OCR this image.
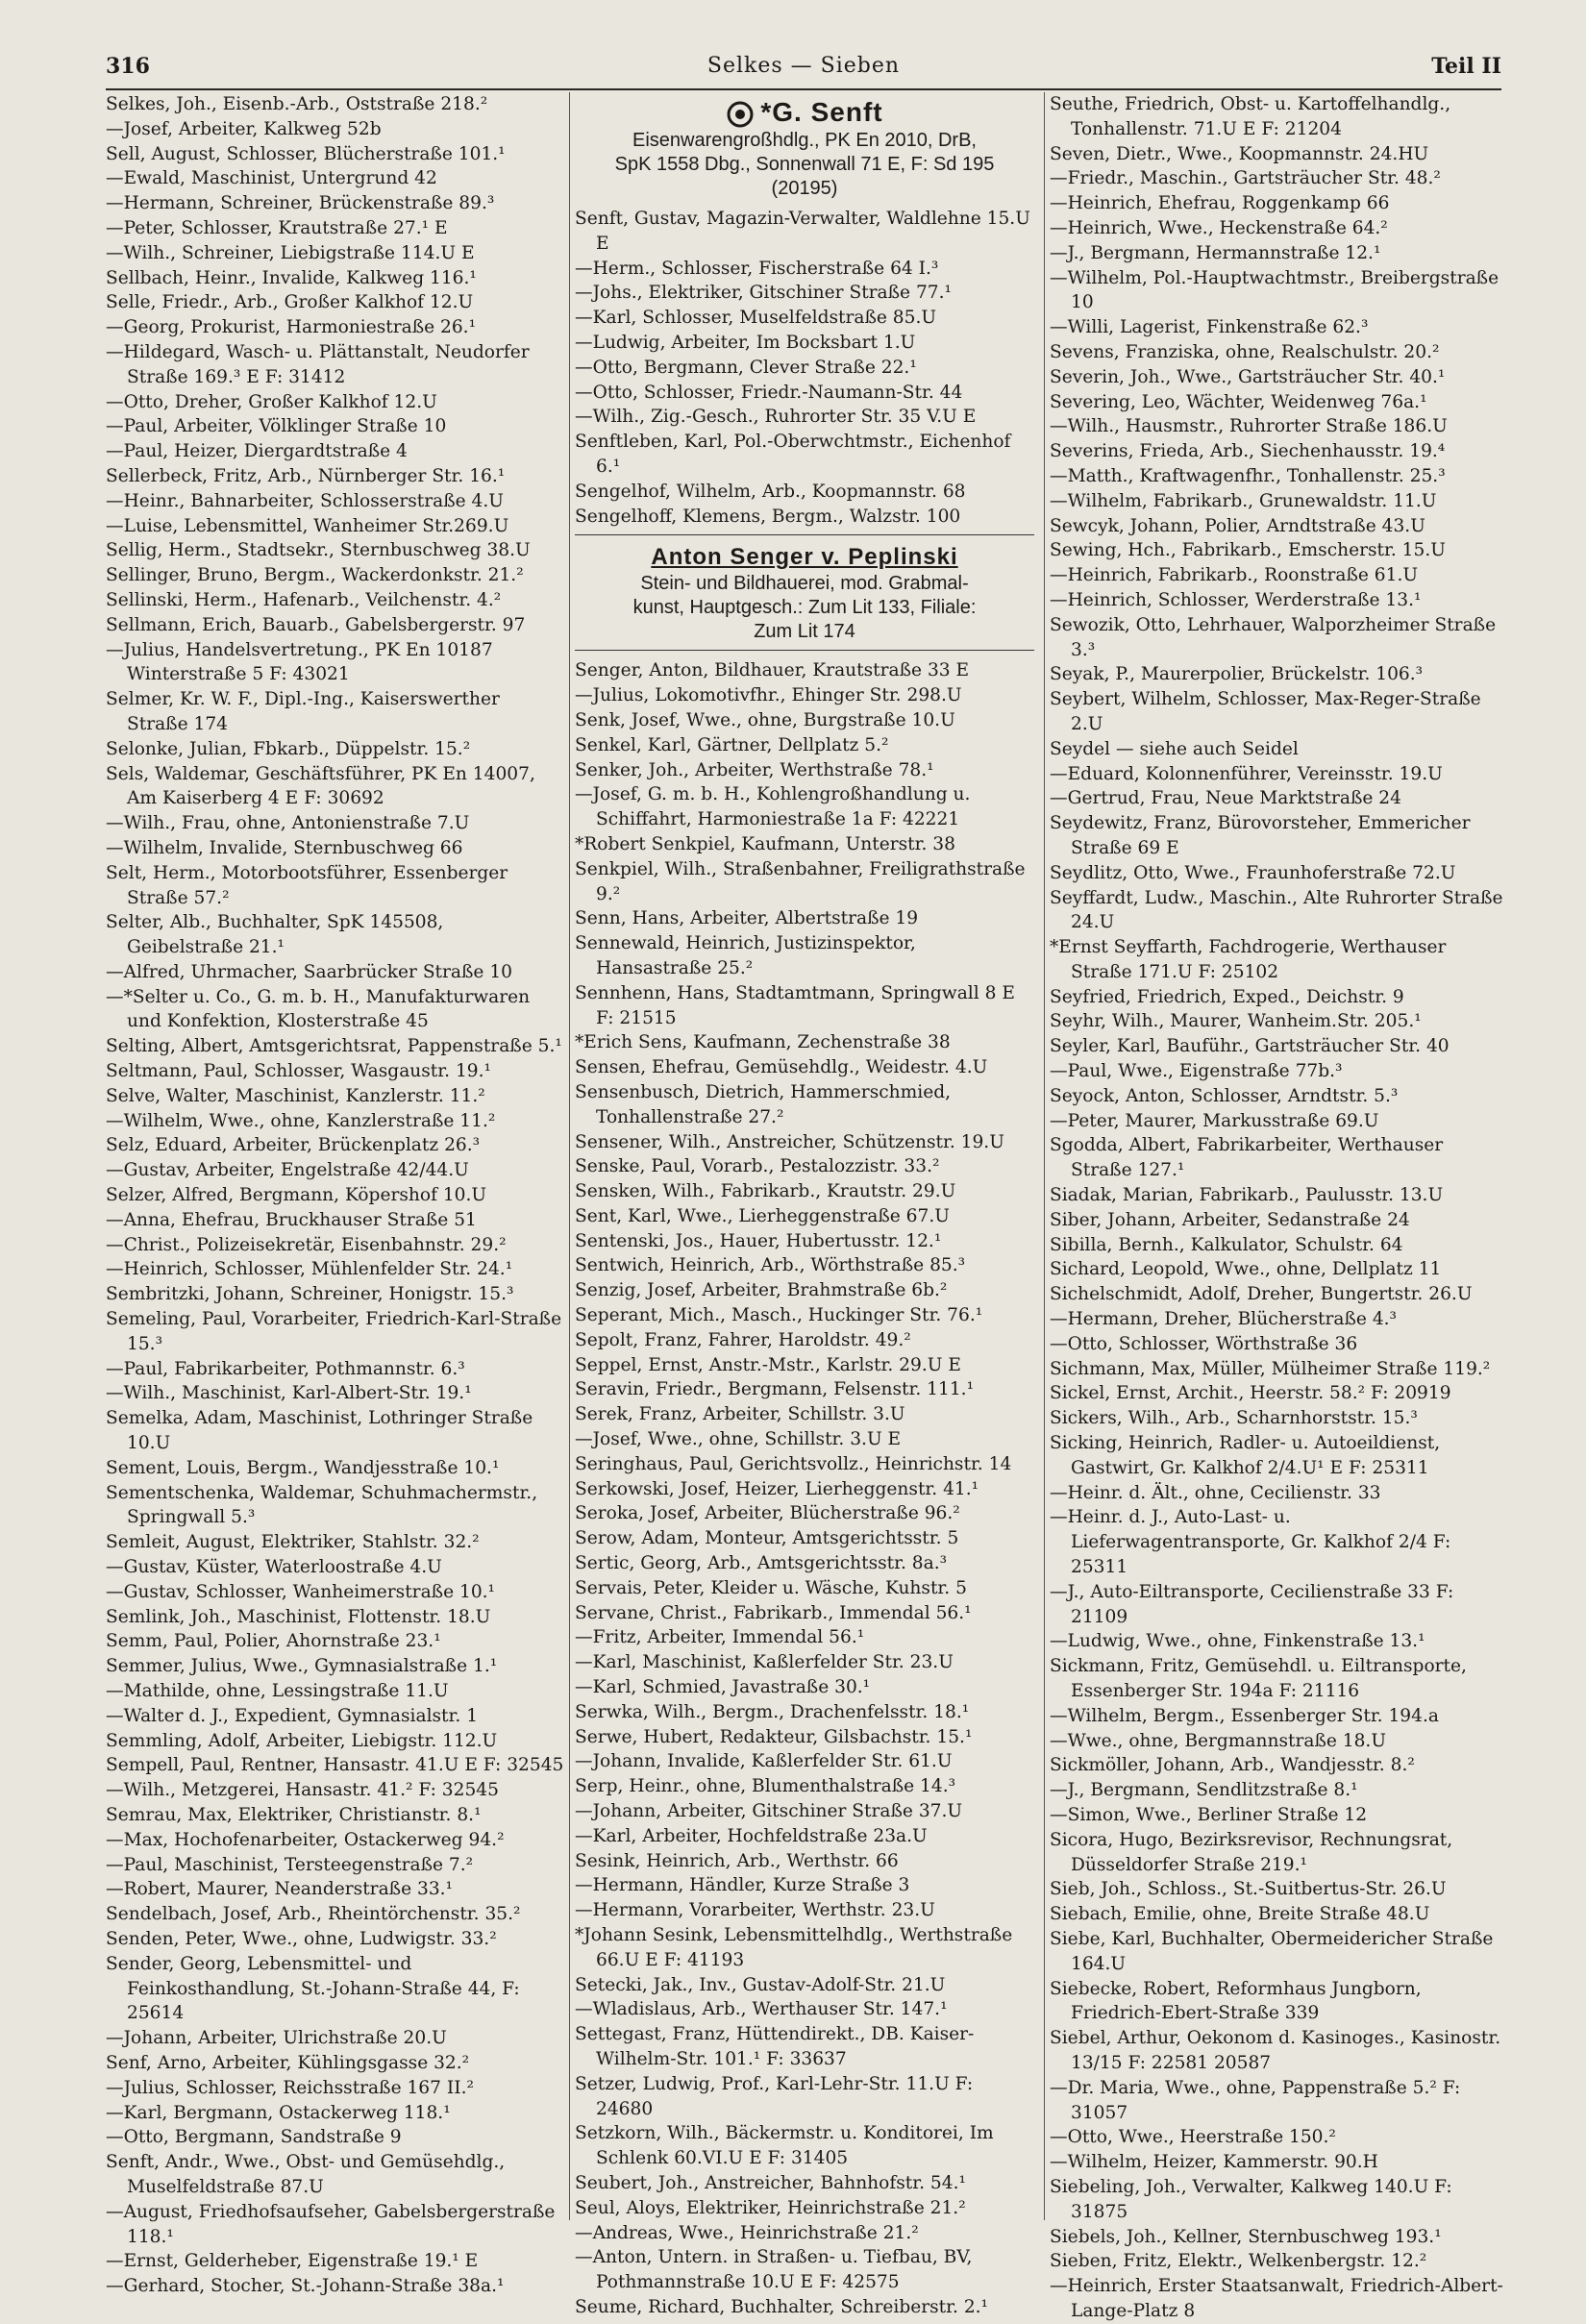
316	Selkes — Sieben	Teil II
Selkes, Joh., Eisenb.-Arb., Oststraße 218.²
—Josef, Arbeiter, Kalkweg 52b
Sell, August, Schlosser, Blücherstraße 101.¹
—Ewald, Maschinist, Untergrund 42
—Hermann, Schreiner, Brückenstraße 89.³
—Peter, Schlosser, Krautstraße 27.¹ E
—Wilh., Schreiner, Liebigstraße 114.U E
Sellbach, Heinr., Invalide, Kalkweg 116.¹
Selle, Friedr., Arb., Großer Kalkhof 12.U
—Georg, Prokurist, Harmoniestraße 26.¹
—Hildegard, Wasch- u. Plättanstalt, Neudorfer Straße 169.³ E F: 31412
—Otto, Dreher, Großer Kalkhof 12.U
—Paul, Arbeiter, Völklinger Straße 10
—Paul, Heizer, Diergardtstraße 4
Sellerbeck, Fritz, Arb., Nürnberger Str. 16.¹
—Heinr., Bahnarbeiter, Schlosserstraße 4.U
—Luise, Lebensmittel, Wanheimer Str.269.U
Sellig, Herm., Stadtsekr., Sternbuschweg 38.U
Sellinger, Bruno, Bergm., Wackerdonkstr. 21.²
Sellinski, Herm., Hafenarb., Veilchenstr. 4.²
Sellmann, Erich, Bauarb., Gabelsbergerstr. 97
—Julius, Handelsvertretung., PK En 10187 Winterstraße 5 F: 43021
Selmer, Kr. W. F., Dipl.-Ing., Kaiserswerther Straße 174
Selonke, Julian, Fbkarb., Düppelstr. 15.²
Sels, Waldemar, Geschäftsführer, PK En 14007, Am Kaiserberg 4 E F: 30692
—Wilh., Frau, ohne, Antonienstraße 7.U
—Wilhelm, Invalide, Sternbuschweg 66
Selt, Herm., Motorbootsführer, Essenberger Straße 57.²
Selter, Alb., Buchhalter, SpK 145508, Geibelstraße 21.¹
—Alfred, Uhrmacher, Saarbrücker Straße 10
—*Selter u. Co., G. m. b. H., Manufakturwaren und Konfektion, Klosterstraße 45
Selting, Albert, Amtsgerichtsrat, Pappenstraße 5.¹
Seltmann, Paul, Schlosser, Wasgaustr. 19.¹
Selve, Walter, Maschinist, Kanzlerstr. 11.²
—Wilhelm, Wwe., ohne, Kanzlerstraße 11.²
Selz, Eduard, Arbeiter, Brückenplatz 26.³
—Gustav, Arbeiter, Engelstraße 42/44.U
Selzer, Alfred, Bergmann, Köpershof 10.U
—Anna, Ehefrau, Bruckhauser Straße 51
—Christ., Polizeisekretär, Eisenbahnstr. 29.²
—Heinrich, Schlosser, Mühlenfelder Str. 24.¹
Sembritzki, Johann, Schreiner, Honigstr. 15.³
Semeling, Paul, Vorarbeiter, Friedrich-Karl-Straße 15.³
—Paul, Fabrikarbeiter, Pothmannstr. 6.³
—Wilh., Maschinist, Karl-Albert-Str. 19.¹
Semelka, Adam, Maschinist, Lothringer Straße 10.U
Sement, Louis, Bergm., Wandjesstraße 10.¹
Sementschenka, Waldemar, Schuhmachermstr., Springwall 5.³
Semleit, August, Elektriker, Stahlstr. 32.²
—Gustav, Küster, Waterloostraße 4.U
—Gustav, Schlosser, Wanheimerstraße 10.¹
Semlink, Joh., Maschinist, Flottenstr. 18.U
Semm, Paul, Polier, Ahornstraße 23.¹
Semmer, Julius, Wwe., Gymnasialstraße 1.¹
—Mathilde, ohne, Lessingstraße 11.U
—Walter d. J., Expedient, Gymnasialstr. 1
Semmling, Adolf, Arbeiter, Liebigstr. 112.U
Sempell, Paul, Rentner, Hansastr. 41.U E F: 32545
—Wilh., Metzgerei, Hansastr. 41.² F: 32545
Semrau, Max, Elektriker, Christianstr. 8.¹
—Max, Hochofenarbeiter, Ostackerweg 94.²
—Paul, Maschinist, Tersteegenstraße 7.²
—Robert, Maurer, Neanderstraße 33.¹
Sendelbach, Josef, Arb., Rheintörchenstr. 35.²
Senden, Peter, Wwe., ohne, Ludwigstr. 33.²
Sender, Georg, Lebensmittel- und Feinkosthandlung, St.-Johann-Straße 44, F: 25614
—Johann, Arbeiter, Ulrichstraße 20.U
Senf, Arno, Arbeiter, Kühlingsgasse 32.²
—Julius, Schlosser, Reichsstraße 167 II.²
—Karl, Bergmann, Ostackerweg 118.¹
—Otto, Bergmann, Sandstraße 9
Senft, Andr., Wwe., Obst- und Gemüsehdlg., Muselfeldstraße 87.U
—August, Friedhofsaufseher, Gabelsbergerstraße 118.¹
—Ernst, Gelderheber, Eigenstraße 19.¹ E
—Gerhard, Stocher, St.-Johann-Straße 38a.¹
*G. Senft
Eisenwarengroßhdlg., PK En 2010, DrB,
SpK 1558 Dbg., Sonnenwall 71 E, F: Sd 195
(20195)
Senft, Gustav, Magazin-Verwalter, Waldlehne 15.U E
—Herm., Schlosser, Fischerstraße 64 I.³
—Johs., Elektriker, Gitschiner Straße 77.¹
—Karl, Schlosser, Muselfeldstraße 85.U
—Ludwig, Arbeiter, Im Bocksbart 1.U
—Otto, Bergmann, Clever Straße 22.¹
—Otto, Schlosser, Friedr.-Naumann-Str. 44
—Wilh., Zig.-Gesch., Ruhrorter Str. 35 V.U E
Senftleben, Karl, Pol.-Oberwchtmstr., Eichenhof 6.¹
Sengelhof, Wilhelm, Arb., Koopmannstr. 68
Sengelhoff, Klemens, Bergm., Walzstr. 100
Anton Senger v. Peplinski
Stein- und Bildhauerei, mod. Grabmal-
kunst, Hauptgesch.: Zum Lit 133, Filiale:
Zum Lit 174
Senger, Anton, Bildhauer, Krautstraße 33 E
—Julius, Lokomotivfhr., Ehinger Str. 298.U
Senk, Josef, Wwe., ohne, Burgstraße 10.U
Senkel, Karl, Gärtner, Dellplatz 5.²
Senker, Joh., Arbeiter, Werthstraße 78.¹
—Josef, G. m. b. H., Kohlengroßhandlung u. Schiffahrt, Harmoniestraße 1a F: 42221
*Robert Senkpiel, Kaufmann, Unterstr. 38
Senkpiel, Wilh., Straßenbahner, Freiligrathstraße 9.²
Senn, Hans, Arbeiter, Albertstraße 19
Sennewald, Heinrich, Justizinspektor, Hansastraße 25.²
Sennhenn, Hans, Stadtamtmann, Springwall 8 E F: 21515
*Erich Sens, Kaufmann, Zechenstraße 38
Sensen, Ehefrau, Gemüsehdlg., Weidestr. 4.U
Sensenbusch, Dietrich, Hammerschmied, Tonhallenstraße 27.²
Sensener, Wilh., Anstreicher, Schützenstr. 19.U
Senske, Paul, Vorarb., Pestalozzistr. 33.²
Sensken, Wilh., Fabrikarb., Krautstr. 29.U
Sent, Karl, Wwe., Lierheggenstraße 67.U
Sentenski, Jos., Hauer, Hubertusstr. 12.¹
Sentwich, Heinrich, Arb., Wörthstraße 85.³
Senzig, Josef, Arbeiter, Brahmstraße 6b.²
Seperant, Mich., Masch., Huckinger Str. 76.¹
Sepolt, Franz, Fahrer, Haroldstr. 49.²
Seppel, Ernst, Anstr.-Mstr., Karlstr. 29.U E
Seravin, Friedr., Bergmann, Felsenstr. 111.¹
Serek, Franz, Arbeiter, Schillstr. 3.U
—Josef, Wwe., ohne, Schillstr. 3.U E
Seringhaus, Paul, Gerichtsvollz., Heinrichstr. 14
Serkowski, Josef, Heizer, Lierheggenstr. 41.¹
Seroka, Josef, Arbeiter, Blücherstraße 96.²
Serow, Adam, Monteur, Amtsgerichtsstr. 5
Sertic, Georg, Arb., Amtsgerichtsstr. 8a.³
Servais, Peter, Kleider u. Wäsche, Kuhstr. 5
Servane, Christ., Fabrikarb., Immendal 56.¹
—Fritz, Arbeiter, Immendal 56.¹
—Karl, Maschinist, Kaßlerfelder Str. 23.U
—Karl, Schmied, Javastraße 30.¹
Serwka, Wilh., Bergm., Drachenfelsstr. 18.¹
Serwe, Hubert, Redakteur, Gilsbachstr. 15.¹
—Johann, Invalide, Kaßlerfelder Str. 61.U
Serp, Heinr., ohne, Blumenthalstraße 14.³
—Johann, Arbeiter, Gitschiner Straße 37.U
—Karl, Arbeiter, Hochfeldstraße 23a.U
Sesink, Heinrich, Arb., Werthstr. 66
—Hermann, Händler, Kurze Straße 3
—Hermann, Vorarbeiter, Werthstr. 23.U
*Johann Sesink, Lebensmittelhdlg., Werthstraße 66.U E F: 41193
Setecki, Jak., Inv., Gustav-Adolf-Str. 21.U
—Wladislaus, Arb., Werthauser Str. 147.¹
Settegast, Franz, Hüttendirekt., DB. Kaiser-Wilhelm-Str. 101.¹ F: 33637
Setzer, Ludwig, Prof., Karl-Lehr-Str. 11.U F: 24680
Setzkorn, Wilh., Bäckermstr. u. Konditorei, Im Schlenk 60.VI.U E F: 31405
Seubert, Joh., Anstreicher, Bahnhofstr. 54.¹
Seul, Aloys, Elektriker, Heinrichstraße 21.²
—Andreas, Wwe., Heinrichstraße 21.²
—Anton, Untern. in Straßen- u. Tiefbau, BV, Pothmannstraße 10.U E F: 42575
Seume, Richard, Buchhalter, Schreiberstr. 2.¹
Seuthe, Friedrich, Obst- u. Kartoffelhandlg., Tonhallenstr. 71.U E F: 21204
Seven, Dietr., Wwe., Koopmannstr. 24.HU
—Friedr., Maschin., Gartsträucher Str. 48.²
—Heinrich, Ehefrau, Roggenkamp 66
—Heinrich, Wwe., Heckenstraße 64.²
—J., Bergmann, Hermannstraße 12.¹
—Wilhelm, Pol.-Hauptwachtmstr., Breibergstraße 10
—Willi, Lagerist, Finkenstraße 62.³
Sevens, Franziska, ohne, Realschulstr. 20.²
Severin, Joh., Wwe., Gartsträucher Str. 40.¹
Severing, Leo, Wächter, Weidenweg 76a.¹
—Wilh., Hausmstr., Ruhrorter Straße 186.U
Severins, Frieda, Arb., Siechenhausstr. 19.⁴
—Matth., Kraftwagenfhr., Tonhallenstr. 25.³
—Wilhelm, Fabrikarb., Grunewaldstr. 11.U
Sewcyk, Johann, Polier, Arndtstraße 43.U
Sewing, Hch., Fabrikarb., Emscherstr. 15.U
—Heinrich, Fabrikarb., Roonstraße 61.U
—Heinrich, Schlosser, Werderstraße 13.¹
Sewozik, Otto, Lehrhauer, Walporzheimer Straße 3.³
Seyak, P., Maurerpolier, Brückelstr. 106.³
Seybert, Wilhelm, Schlosser, Max-Reger-Straße 2.U
Seydel — siehe auch Seidel
—Eduard, Kolonnenführer, Vereinsstr. 19.U
—Gertrud, Frau, Neue Marktstraße 24
Seydewitz, Franz, Bürovorsteher, Emmericher Straße 69 E
Seydlitz, Otto, Wwe., Fraunhoferstraße 72.U
Seyffardt, Ludw., Maschin., Alte Ruhrorter Straße 24.U
*Ernst Seyffarth, Fachdrogerie, Werthauser Straße 171.U F: 25102
Seyfried, Friedrich, Exped., Deichstr. 9
Seyhr, Wilh., Maurer, Wanheim.Str. 205.¹
Seyler, Karl, Bauführ., Gartsträucher Str. 40
—Paul, Wwe., Eigenstraße 77b.³
Seyock, Anton, Schlosser, Arndtstr. 5.³
—Peter, Maurer, Markusstraße 69.U
Sgodda, Albert, Fabrikarbeiter, Werthauser Straße 127.¹
Siadak, Marian, Fabrikarb., Paulusstr. 13.U
Siber, Johann, Arbeiter, Sedanstraße 24
Sibilla, Bernh., Kalkulator, Schulstr. 64
Sichard, Leopold, Wwe., ohne, Dellplatz 11
Sichelschmidt, Adolf, Dreher, Bungertstr. 26.U
—Hermann, Dreher, Blücherstraße 4.³
—Otto, Schlosser, Wörthstraße 36
Sichmann, Max, Müller, Mülheimer Straße 119.²
Sickel, Ernst, Archit., Heerstr. 58.² F: 20919
Sickers, Wilh., Arb., Scharnhorststr. 15.³
Sicking, Heinrich, Radler- u. Autoeildienst, Gastwirt, Gr. Kalkhof 2/4.U¹ E F: 25311
—Heinr. d. Ält., ohne, Cecilienstr. 33
—Heinr. d. J., Auto-Last- u. Lieferwagentransporte, Gr. Kalkhof 2/4 F: 25311
—J., Auto-Eiltransporte, Cecilienstraße 33 F: 21109
—Ludwig, Wwe., ohne, Finkenstraße 13.¹
Sickmann, Fritz, Gemüsehdl. u. Eiltransporte, Essenberger Str. 194a F: 21116
—Wilhelm, Bergm., Essenberger Str. 194.a
—Wwe., ohne, Bergmannstraße 18.U
Sickmöller, Johann, Arb., Wandjesstr. 8.²
—J., Bergmann, Sendlitzstraße 8.¹
—Simon, Wwe., Berliner Straße 12
Sicora, Hugo, Bezirksrevisor, Rechnungsrat, Düsseldorfer Straße 219.¹
Sieb, Joh., Schloss., St.-Suitbertus-Str. 26.U
Siebach, Emilie, ohne, Breite Straße 48.U
Siebe, Karl, Buchhalter, Obermeidericher Straße 164.U
Siebecke, Robert, Reformhaus Jungborn, Friedrich-Ebert-Straße 339
Siebel, Arthur, Oekonom d. Kasinoges., Kasinostr. 13/15 F: 22581 20587
—Dr. Maria, Wwe., ohne, Pappenstraße 5.² F: 31057
—Otto, Wwe., Heerstraße 150.²
—Wilhelm, Heizer, Kammerstr. 90.H
Siebeling, Joh., Verwalter, Kalkweg 140.U F: 31875
Siebels, Joh., Kellner, Sternbuschweg 193.¹
Sieben, Fritz, Elektr., Welkenbergstr. 12.²
—Heinrich, Erster Staatsanwalt, Friedrich-Albert-Lange-Platz 8
